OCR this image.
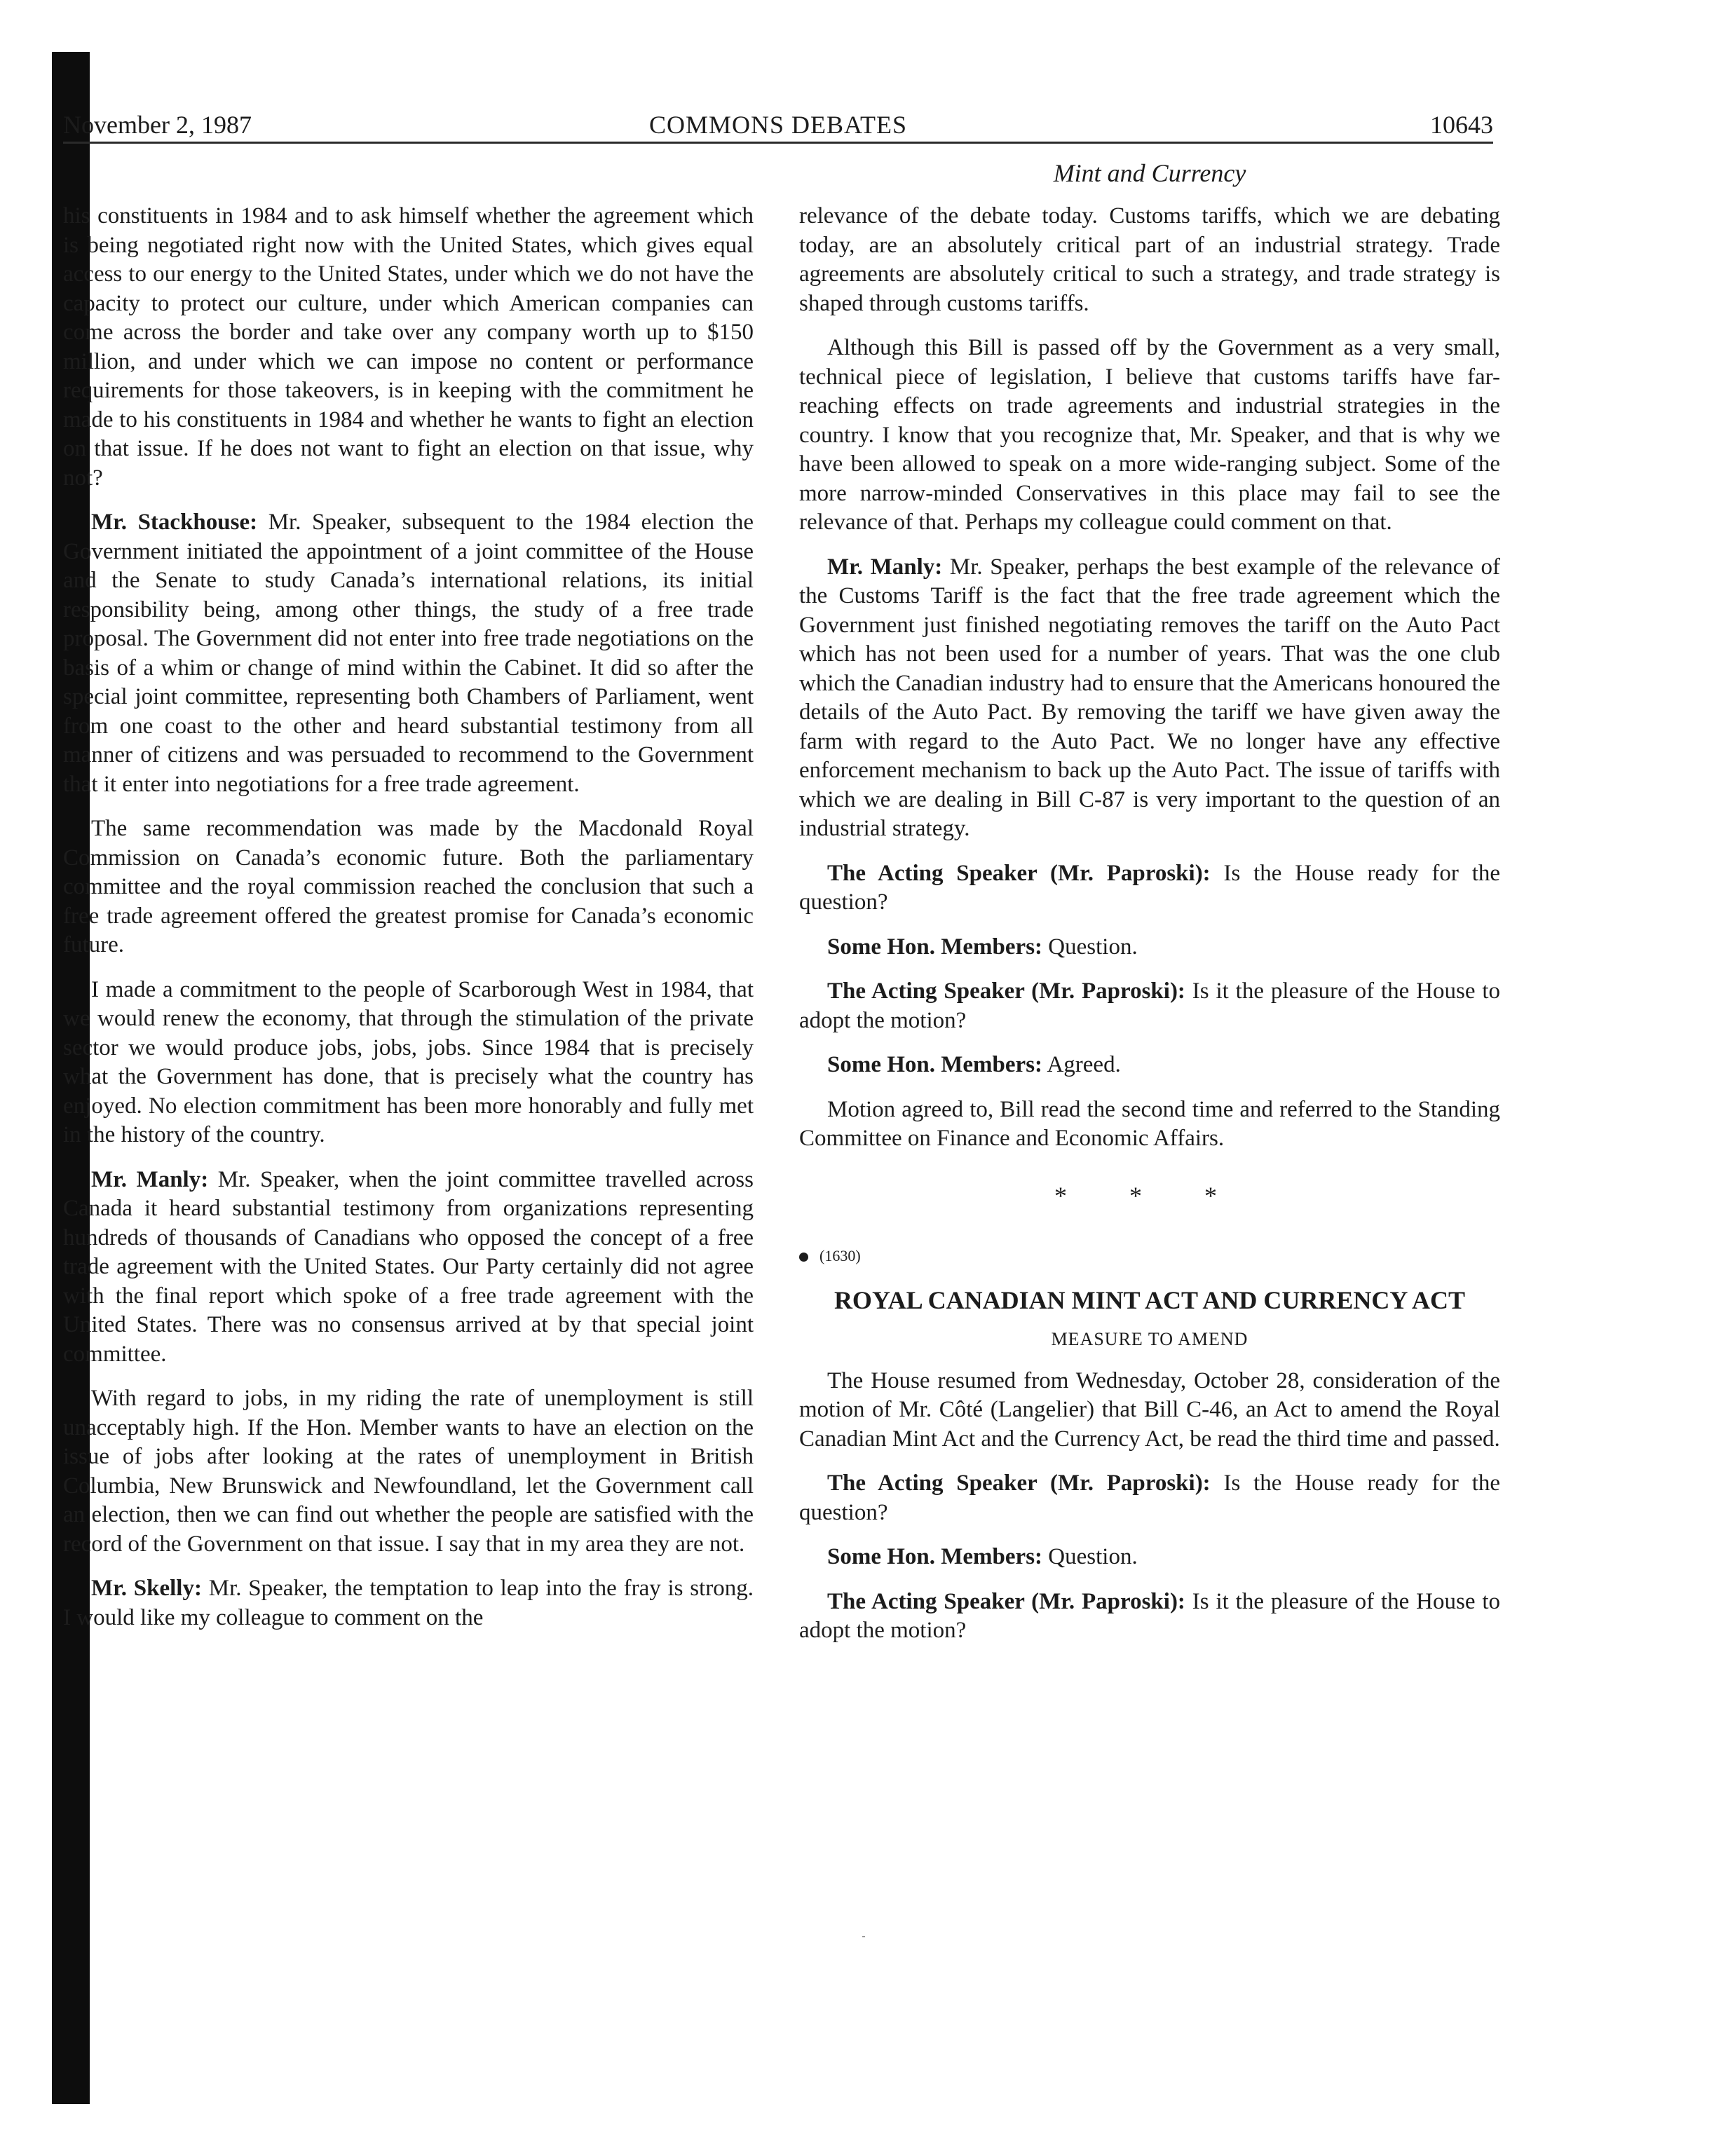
November 2, 1987	COMMONS DEBATES	10643
Mint and Currency

his constituents in 1984 and to ask himself whether the agreement which is being negotiated right now with the United States, which gives equal access to our energy to the United States, under which we do not have the capacity to protect our culture, under which American companies can come across the border and take over any company worth up to $150 million, and under which we can impose no content or performance requirements for those takeovers, is in keeping with the commitment he made to his constituents in 1984 and whether he wants to fight an election on that issue. If he does not want to fight an election on that issue, why not?

Mr. Stackhouse: Mr. Speaker, subsequent to the 1984 election the Government initiated the appointment of a joint committee of the House and the Senate to study Canada’s international relations, its initial responsibility being, among other things, the study of a free trade proposal. The Government did not enter into free trade negotiations on the basis of a whim or change of mind within the Cabinet. It did so after the special joint committee, representing both Chambers of Parliament, went from one coast to the other and heard substantial testimony from all manner of citizens and was persuaded to recommend to the Government that it enter into negotiations for a free trade agreement.

The same recommendation was made by the Macdonald Royal Commission on Canada’s economic future. Both the parliamentary committee and the royal commission reached the conclusion that such a free trade agreement offered the greatest promise for Canada’s economic future.

I made a commitment to the people of Scarborough West in 1984, that we would renew the economy, that through the stimulation of the private sector we would produce jobs, jobs, jobs. Since 1984 that is precisely what the Government has done, that is precisely what the country has enjoyed. No election commitment has been more honorably and fully met in the history of the country.

Mr. Manly: Mr. Speaker, when the joint committee travelled across Canada it heard substantial testimony from organizations representing hundreds of thousands of Canadians who opposed the concept of a free trade agreement with the United States. Our Party certainly did not agree with the final report which spoke of a free trade agreement with the United States. There was no consensus arrived at by that special joint committee.

With regard to jobs, in my riding the rate of unemployment is still unacceptably high. If the Hon. Member wants to have an election on the issue of jobs after looking at the rates of unemployment in British Columbia, New Brunswick and Newfoundland, let the Government call an election, then we can find out whether the people are satisfied with the record of the Government on that issue. I say that in my area they are not.

Mr. Skelly: Mr. Speaker, the temptation to leap into the fray is strong. I would like my colleague to comment on the

relevance of the debate today. Customs tariffs, which we are debating today, are an absolutely critical part of an industrial strategy. Trade agreements are absolutely critical to such a strategy, and trade strategy is shaped through customs tariffs.

Although this Bill is passed off by the Government as a very small, technical piece of legislation, I believe that customs tariffs have far-reaching effects on trade agreements and industrial strategies in the country. I know that you recognize that, Mr. Speaker, and that is why we have been allowed to speak on a more wide-ranging subject. Some of the more narrow-minded Conservatives in this place may fail to see the relevance of that. Perhaps my colleague could comment on that.

Mr. Manly: Mr. Speaker, perhaps the best example of the relevance of the Customs Tariff is the fact that the free trade agreement which the Government just finished negotiating removes the tariff on the Auto Pact which has not been used for a number of years. That was the one club which the Canadian industry had to ensure that the Americans honoured the details of the Auto Pact. By removing the tariff we have given away the farm with regard to the Auto Pact. We no longer have any effective enforcement mechanism to back up the Auto Pact. The issue of tariffs with which we are dealing in Bill C-87 is very important to the question of an industrial strategy.

The Acting Speaker (Mr. Paproski): Is the House ready for the question?

Some Hon. Members: Question.

The Acting Speaker (Mr. Paproski): Is it the pleasure of the House to adopt the motion?

Some Hon. Members: Agreed.

Motion agreed to, Bill read the second time and referred to the Standing Committee on Finance and Economic Affairs.

* * *
(1630)
ROYAL CANADIAN MINT ACT AND CURRENCY ACT
MEASURE TO AMEND

The House resumed from Wednesday, October 28, consideration of the motion of Mr. Côté (Langelier) that Bill C-46, an Act to amend the Royal Canadian Mint Act and the Currency Act, be read the third time and passed.

The Acting Speaker (Mr. Paproski): Is the House ready for the question?

Some Hon. Members: Question.

The Acting Speaker (Mr. Paproski): Is it the pleasure of the House to adopt the motion?
